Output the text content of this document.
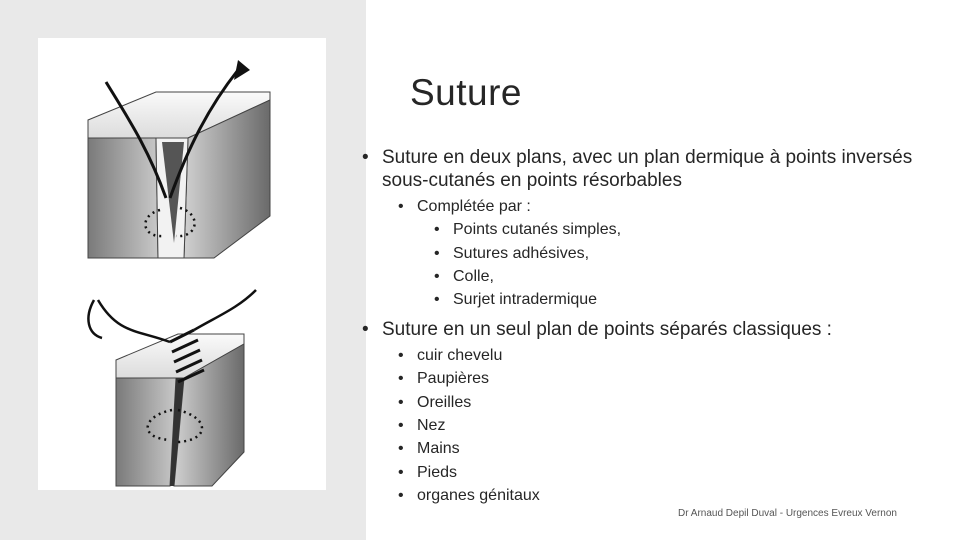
Suture
• Suture en deux plans, avec un plan dermique à points inversés sous‑cutanés en points résorbables
• Complétée par :
• Points cutanés simples,
• Sutures adhésives,
• Colle,
• Surjet intradermique
• Suture en un seul plan de points séparés classiques :
• cuir chevelu
• Paupières
• Oreilles
• Nez
• Mains
• Pieds
• organes génitaux
Dr Arnaud Depil Duval - Urgences Evreux Vernon
